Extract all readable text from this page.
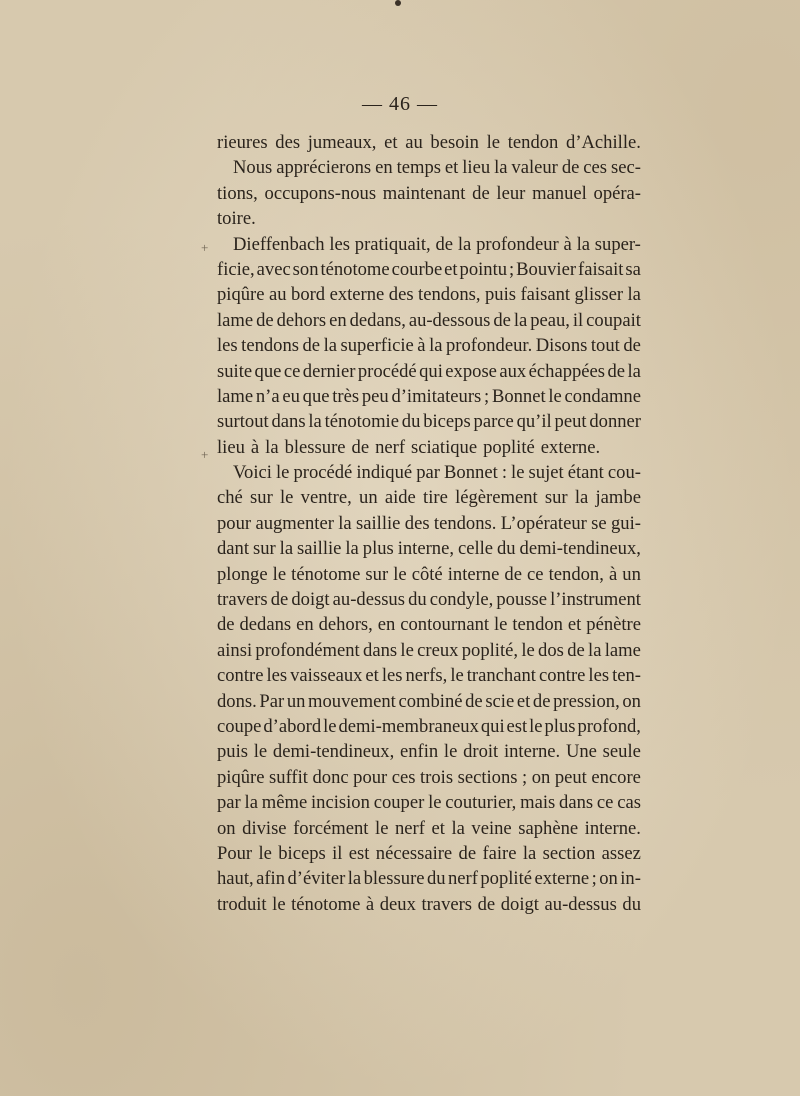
— 46 —
+
+
rieures des jumeaux, et au besoin le tendon d’Achille.
Nous apprécierons en temps et lieu la valeur de ces sec-
tions, occupons-nous maintenant de leur manuel opéra-
toire.
Dieffenbach les pratiquait, de la profondeur à la super-
ficie, avec son ténotome courbe et pointu ; Bouvier faisait sa
piqûre au bord externe des tendons, puis faisant glisser la
lame de dehors en dedans, au-dessous de la peau, il coupait
les tendons de la superficie à la profondeur. Disons tout de
suite que ce dernier procédé qui expose aux échappées de la
lame n’a eu que très peu d’imitateurs ; Bonnet le condamne
surtout dans la ténotomie du biceps parce qu’il peut donner
lieu à la blessure de nerf sciatique poplité externe.
Voici le procédé indiqué par Bonnet : le sujet étant cou-
ché sur le ventre, un aide tire légèrement sur la jambe
pour augmenter la saillie des tendons. L’opérateur se gui-
dant sur la saillie la plus interne, celle du demi-tendineux,
plonge le ténotome sur le côté interne de ce tendon, à un
travers de doigt au-dessus du condyle, pousse l’instrument
de dedans en dehors, en contournant le tendon et pénètre
ainsi profondément dans le creux poplité, le dos de la lame
contre les vaisseaux et les nerfs, le tranchant contre les ten-
dons. Par un mouvement combiné de scie et de pression, on
coupe d’abord le demi-membraneux qui est le plus profond,
puis le demi-tendineux, enfin le droit interne. Une seule
piqûre suffit donc pour ces trois sections ; on peut encore
par la même incision couper le couturier, mais dans ce cas
on divise forcément le nerf et la veine saphène interne.
Pour le biceps il est nécessaire de faire la section assez
haut, afin d’éviter la blessure du nerf poplité externe ; on in-
troduit le ténotome à deux travers de doigt au-dessus du
